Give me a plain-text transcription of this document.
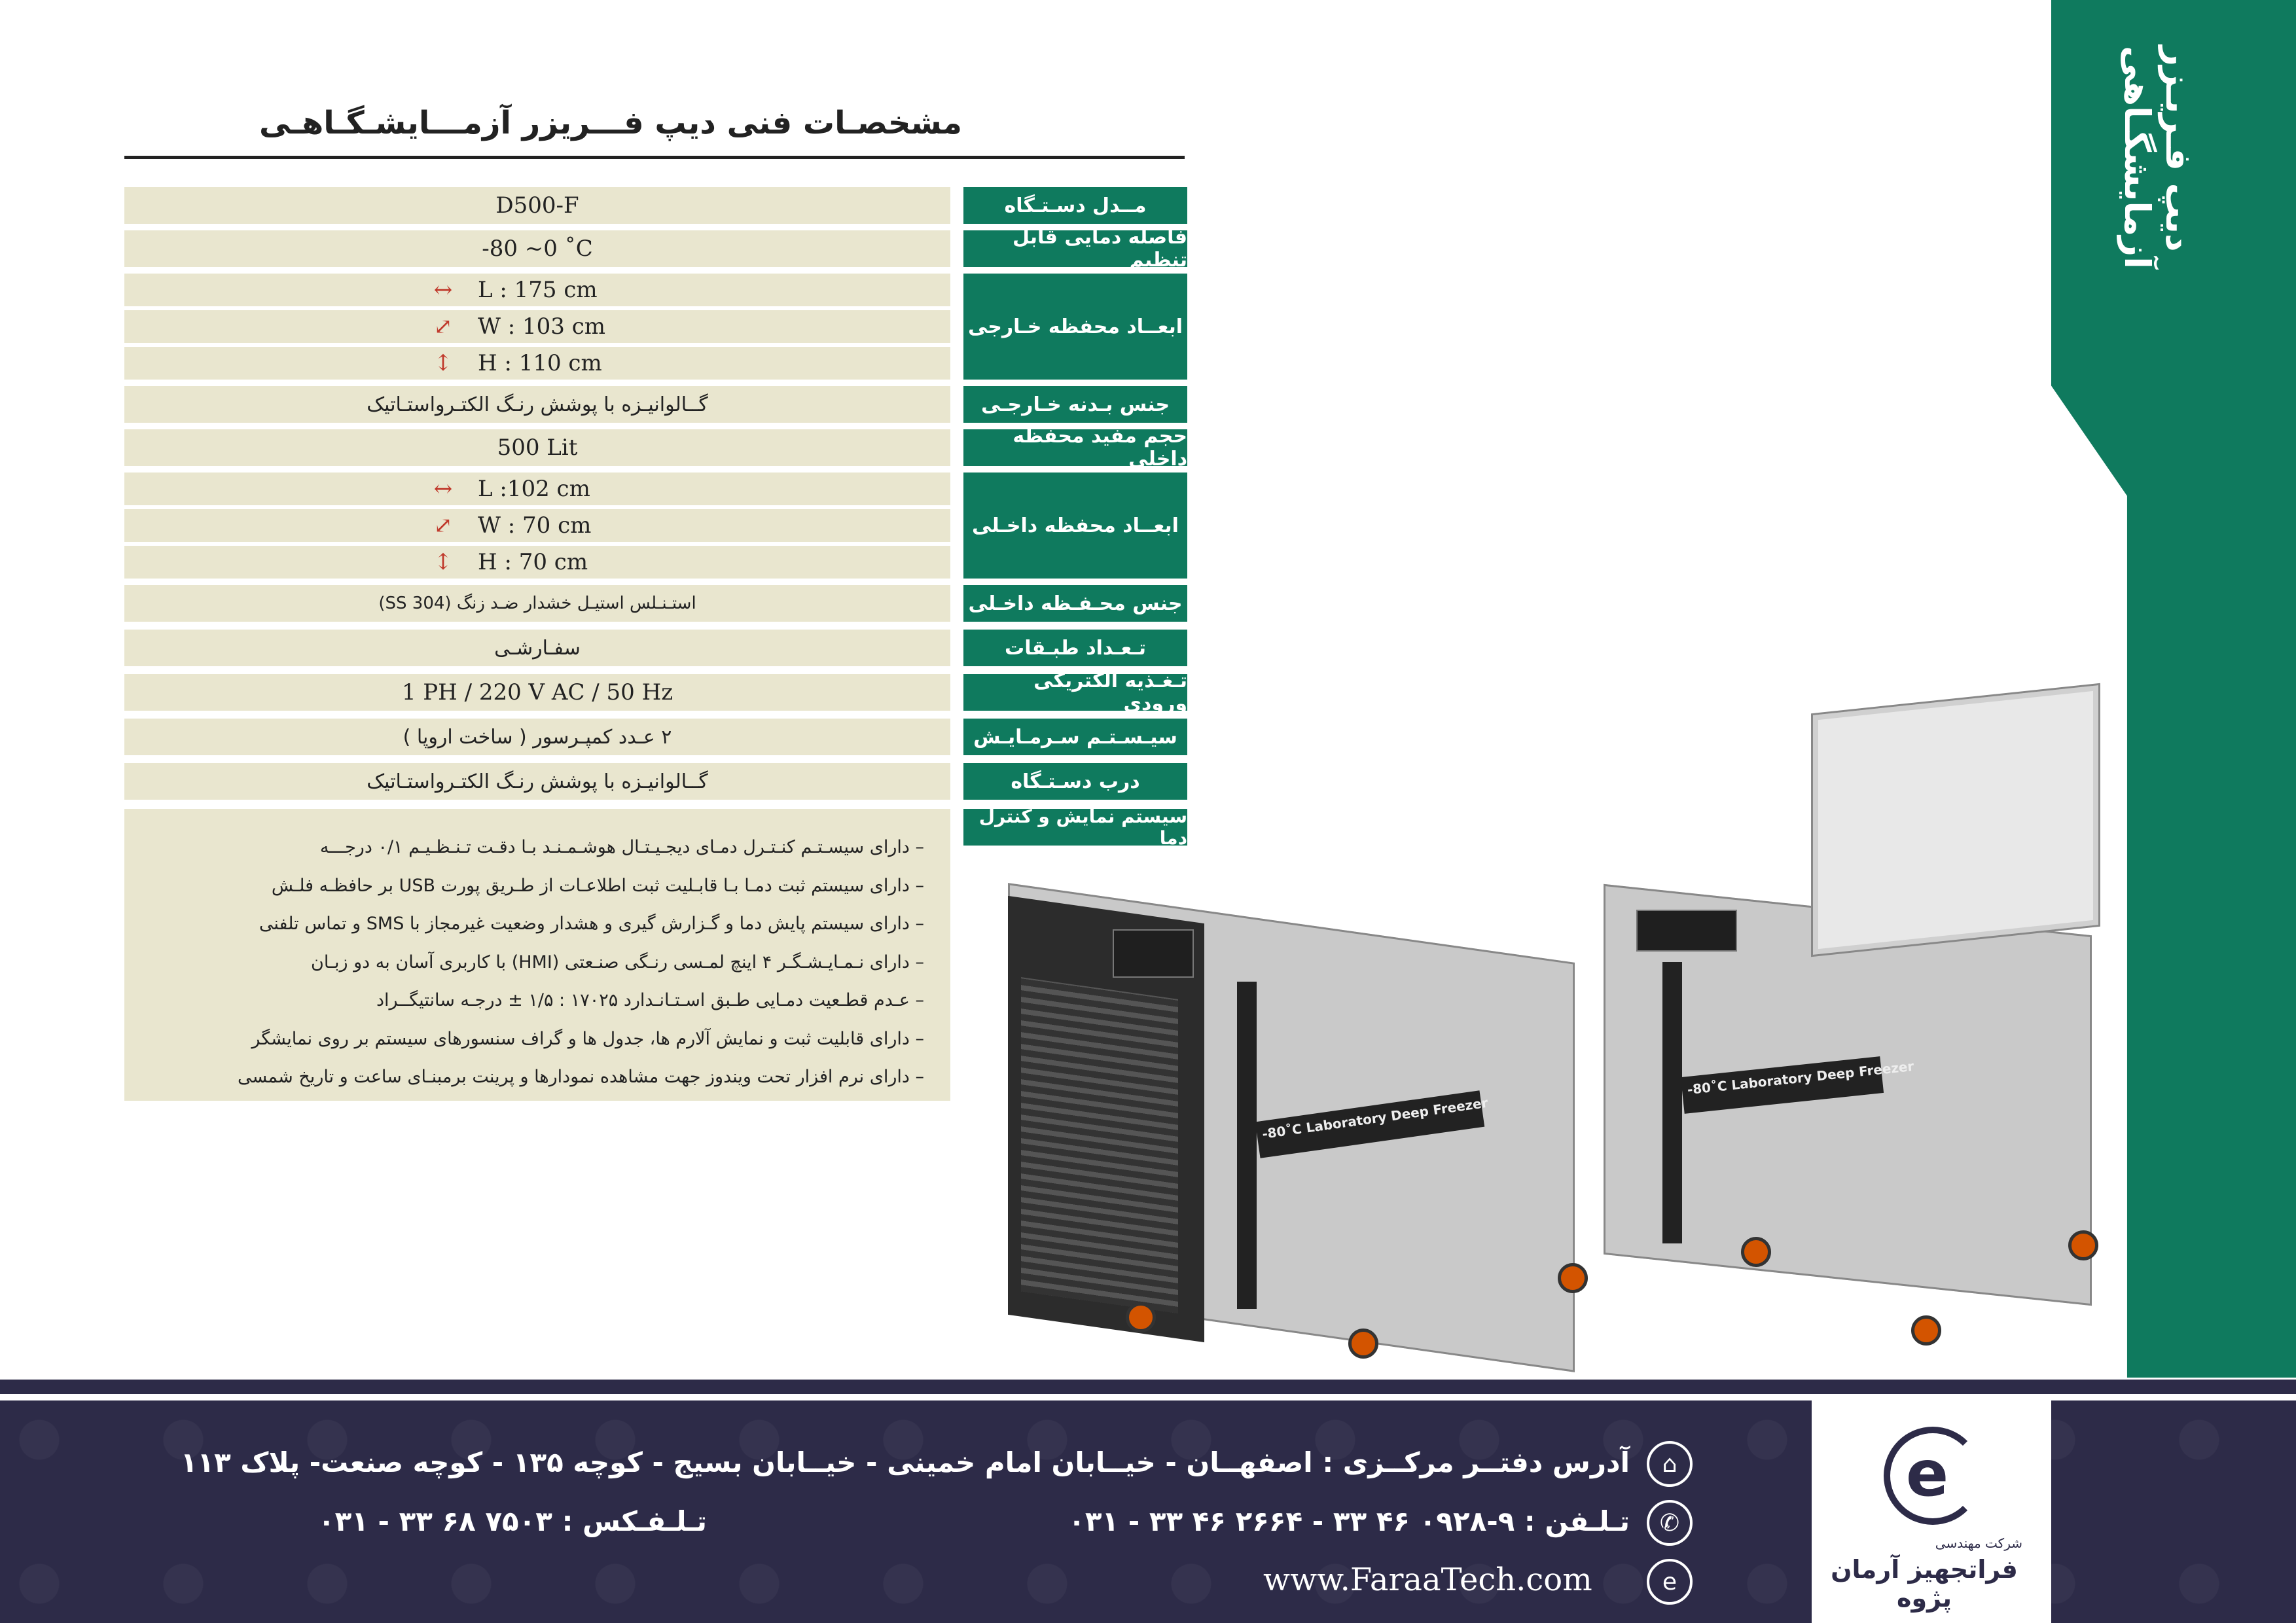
دیپ فـریـزر آزمایشگـاهی
مشخصـات فنی دیپ فـــریزر آزمـــایشـگـاهـی
D500-F	مــدل دسـتـگاه
-80 ~0 ˚C	فاصله دمایی قابل تنظیم
↔	L : 175 cm
⤢	W : 103 cm
↕	H : 110 cm
ابعــاد محفظه خـارجی
گــالوانیـزه با پوشش رنـگ الکتـرواستـاتیک	جنس بـدنه خـارجـی
500 Lit	حجم مفید محفظه داخلی
↔	L :102 cm
⤢	W : 70 cm
↕	H : 70 cm
ابعــاد محفظه داخـلی
استـنـلس استیـل خشدار ضـد زنگ (SS 304)	جنس محـفـظه داخـلی
سفـارشـی	تـعـداد طبـقات
1 PH / 220 V AC / 50 Hz	تـغـذیه الکتریکی ورودی
۲ عـدد کمپـرسور ( ساخت اروپا )	سیـسـتـم سـرمـایـش
گــالوانیـزه با پوشش رنـگ الکتـرواستـاتیک	درب دسـتـگاه
سیستم نمایش و کنترل دما
– دارای سیسـتـم کنـتـرل دمـای دیجـیـتـال هوشـمـنـد بـا دقـت تـنـظـیـم ۰/۱ درجـــه
– دارای سیستم ثبت دمـا بـا قابـلیت ثبت اطلاعـات از طـریق پورت USB بر حافظـه فلـش
– دارای سیستم پایش دما و گـزارش گیری و هشدار وضعیت غیرمجاز با SMS و تماس تلفنی
– دارای نـمـایـشـگـر ۴ اینچ لمـسی رنـگی صنـعتی (HMI) با کاربری آسان به دو زبـان
– عـدم قطـعیت دمـایی طـبق اسـتـانـدارد ۱۷۰۲۵ : ۱/۵ ± درجـه سانتیگــراد
– دارای قابلیت ثبت و نمایش آلارم ها، جدول ها و گراف سنسورهای سیستم بر روی نمایشگر
– دارای نرم افزار تحت ویندوز جهت مشاهده نمودارها و پرینت برمبنـای ساعت و تاریخ شمسی
-80˚C Laboratory Deep Freezer
-80˚C Laboratory Deep Freezer
e
شرکت مهندسی
فراتجهیز آرمان پژوه
⌂
✆
e
آدرس دفتــر مرکــزی : اصفهــان - خیــابان امام خمینی - خیــابان بسیج - کوچه ۱۳۵ - کوچه صنعت- پلاک ۱۱۳
تـلـفن : ۹-۰۹۲۸ ۴۶ ۳۳ - ۲۶۶۴ ۴۶ ۳۳ - ۰۳۱
تـلـفـکس : ۷۵۰۳ ۶۸ ۳۳ - ۰۳۱
www.FaraaTech.com
